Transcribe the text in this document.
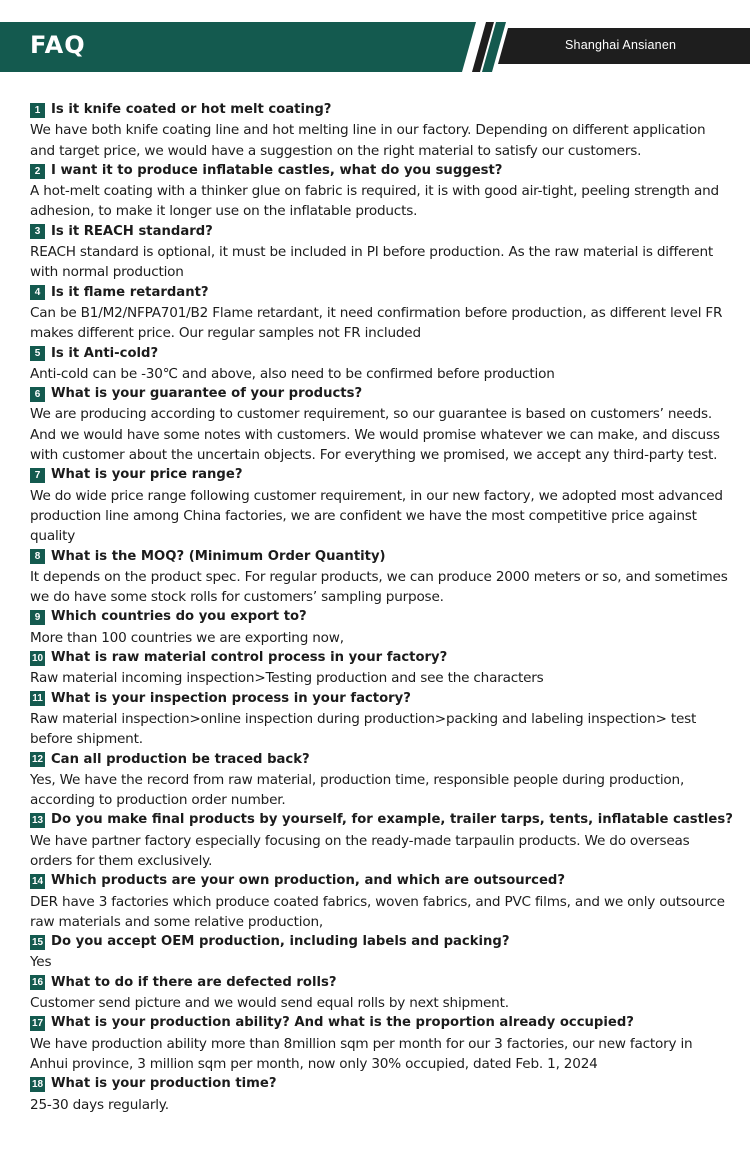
FAQ	Shanghai Ansianen
1 Is it knife coated or hot melt coating?
We have both knife coating line and hot melting line in our factory. Depending on different application and target price, we would have a suggestion on the right material to satisfy our customers.
2 I want it to produce inflatable castles, what do you suggest?
A hot-melt coating with a thinker glue on fabric is required, it is with good air-tight, peeling strength and adhesion, to make it longer use on the inflatable products.
3 Is it REACH standard?
REACH standard is optional, it must be included in PI before production. As the raw material is different with normal production
4 Is it flame retardant?
Can be B1/M2/NFPA701/B2 Flame retardant, it need confirmation before production, as different level FR makes different price. Our regular samples not FR included
5 Is it Anti-cold?
Anti-cold can be -30℃ and above, also need to be confirmed before production
6 What is your guarantee of your products?
We are producing according to customer requirement, so our guarantee is based on customers’ needs. And we would have some notes with customers. We would promise whatever we can make, and discuss with customer about the uncertain objects. For everything we promised, we accept any third-party test.
7 What is your price range?
We do wide price range following customer requirement, in our new factory, we adopted most advanced production line among China factories, we are confident we have the most competitive price against quality
8 What is the MOQ? (Minimum Order Quantity)
It depends on the product spec. For regular products, we can produce 2000 meters or so, and sometimes we do have some stock rolls for customers’ sampling purpose.
9 Which countries do you export to?
More than 100 countries we are exporting now,
10 What is raw material control process in your factory?
Raw material incoming inspection>Testing production and see the characters
11 What is your inspection process in your factory?
Raw material inspection>online inspection during production>packing and labeling inspection> test before shipment.
12 Can all production be traced back?
Yes, We have the record from raw material, production time, responsible people during production, according to production order number.
13 Do you make final products by yourself, for example, trailer tarps, tents, inflatable castles?
We have partner factory especially focusing on the ready-made tarpaulin products. We do overseas orders for them exclusively.
14 Which products are your own production, and which are outsourced?
DER have 3 factories which produce coated fabrics, woven fabrics, and PVC films, and we only outsource raw materials and some relative production,
15 Do you accept OEM production, including labels and packing?
Yes
16 What to do if there are defected rolls?
Customer send picture and we would send equal rolls by next shipment.
17 What is your production ability? And what is the proportion already occupied?
We have production ability more than 8million sqm per month for our 3 factories, our new factory in Anhui province, 3 million sqm per month, now only 30% occupied, dated Feb. 1, 2024
18 What is your production time?
25-30 days regularly.
